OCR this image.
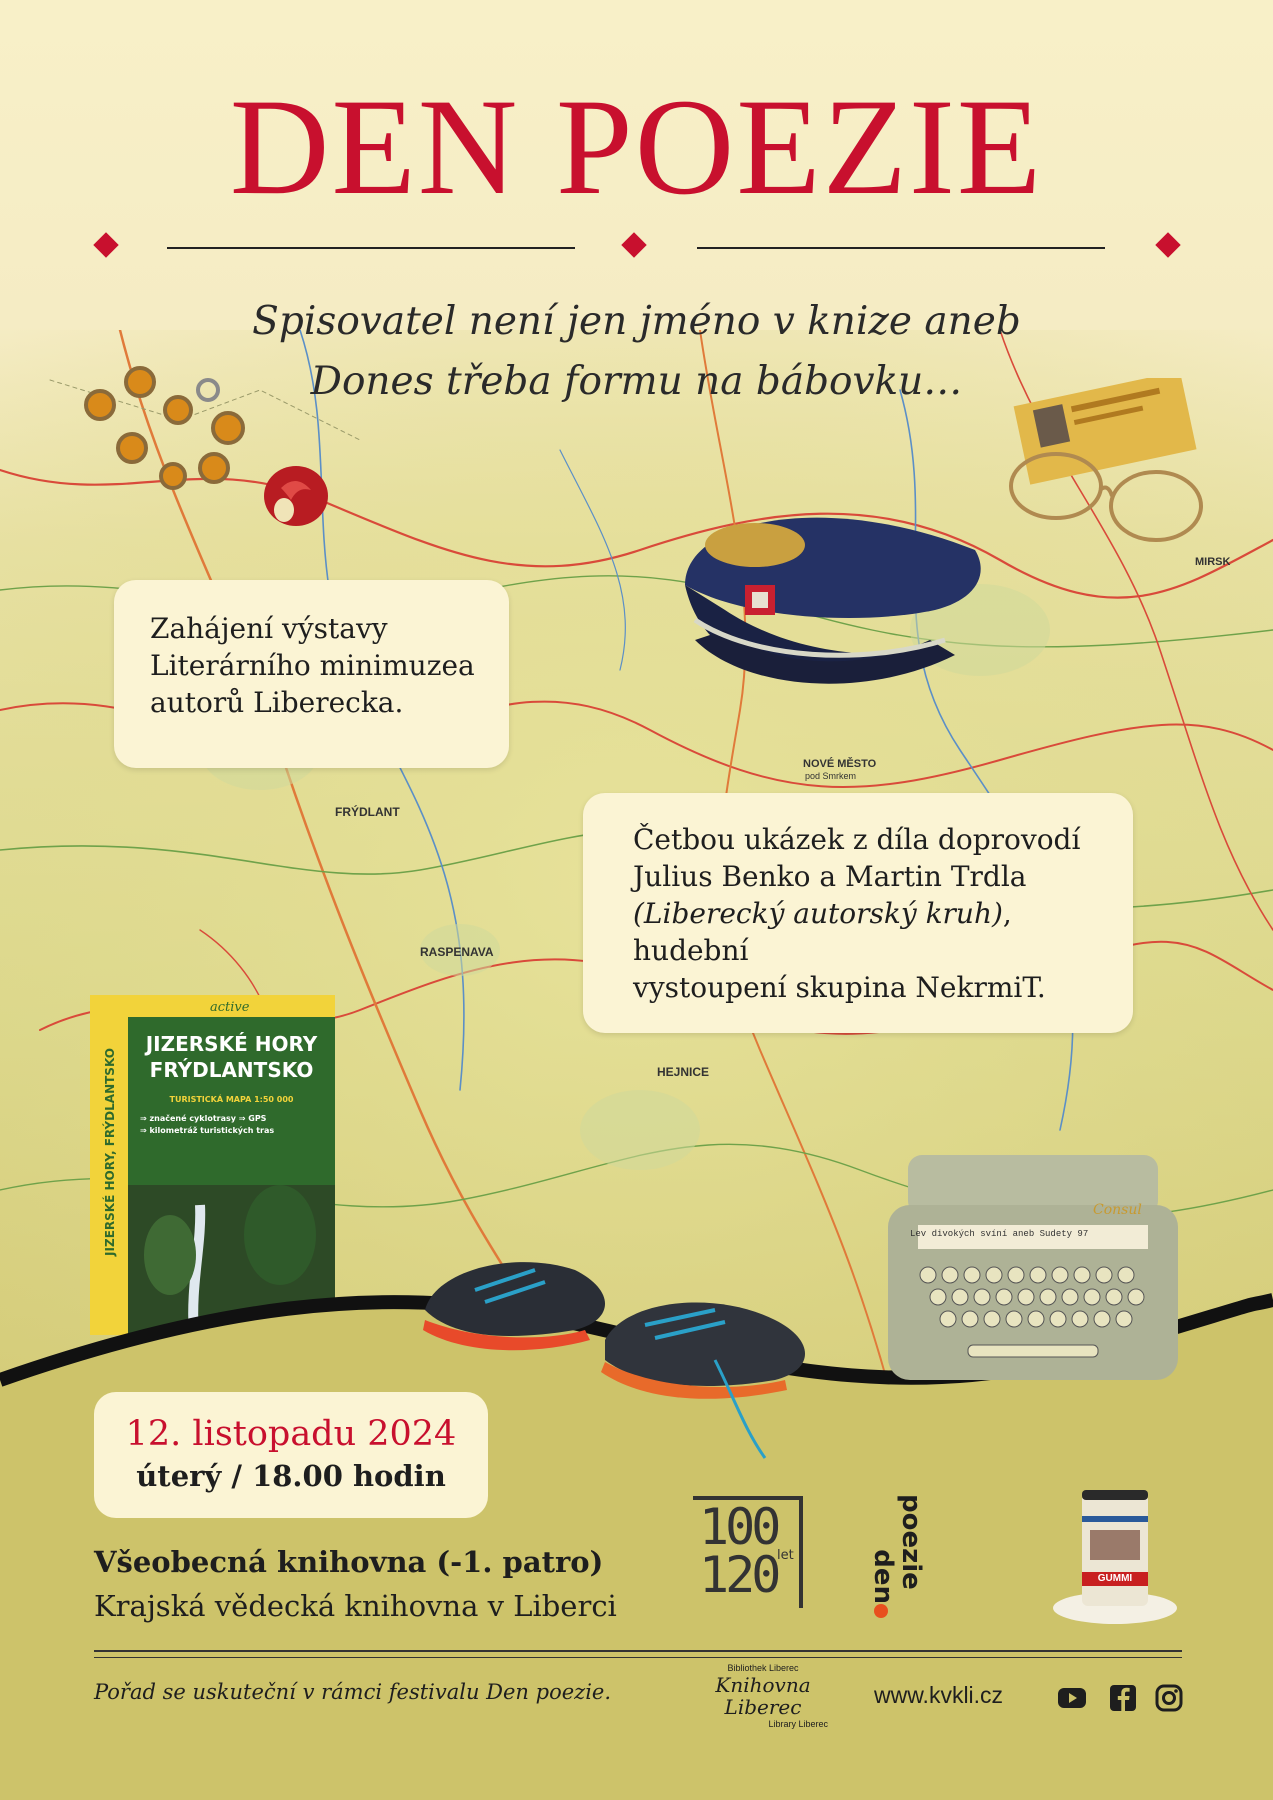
FRÝDLANT
RASPENAVA
HEJNICE
NOVÉ MĚSTO
pod Smrkem
MIRSK
DEN POEZIE
Spisovatel není jen jméno v knize aneb
Dones třeba formu na bábovku…

Zahájení výstavy

Literárního minimuzea

autorů Liberecka.

Četbou ukázek z díla doprovodí

Julius Benko a Martin Trdla

(Liberecký autorský kruh), hudební

vystoupení skupina NekrmiT.

active
JIZERSKÉ HORY
FRÝDLANTSKO
TURISTICKÁ MAPA 1:50 000
⇒ značené cyklotrasy ⇒ GPS
⇒ kilometráž turistických tras
JIZERSKÉ HORY, FRÝDLANTSKO	Lev divokých svíní aneb Sudety 97
Consul
12. listopadu 2024
úterý / 18.00 hodin
Všeobecná knihovna (-1. patro)
Krajská vědecká knihovna v Liberci
100
120 let	poezie
den	GUMMI
Pořad se uskuteční v rámci festivalu Den poezie.
Bibliothek Liberec
Knihovna Liberec
Library Liberec
www.kvkli.cz
